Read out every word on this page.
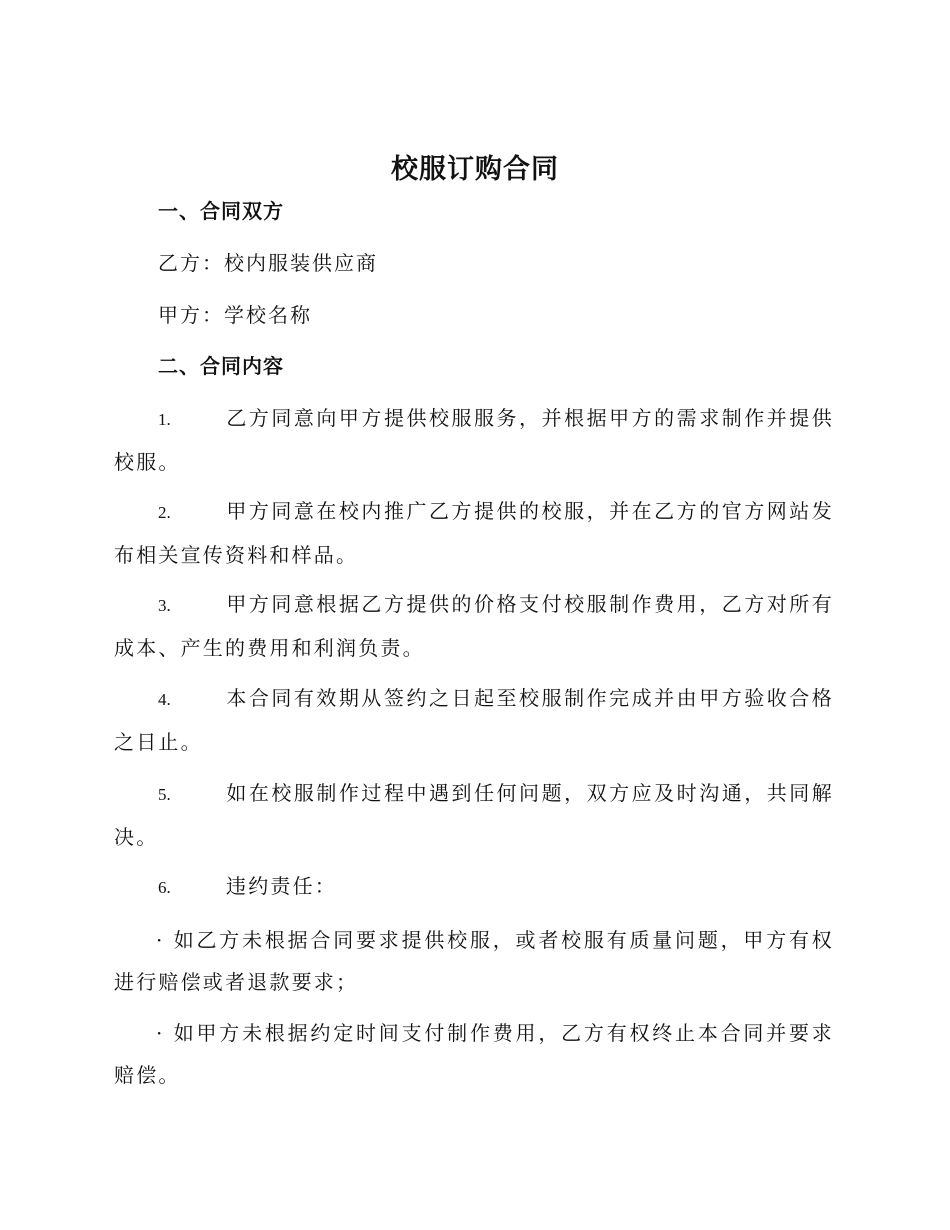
校服订购合同
一、合同双方
乙方：校内服装供应商
甲方：学校名称
二、合同内容
1.	乙方同意向甲方提供校服服务，并根据甲方的需求制作并提供校服。
2.	甲方同意在校内推广乙方提供的校服，并在乙方的官方网站发布相关宣传资料和样品。
3.	甲方同意根据乙方提供的价格支付校服制作费用，乙方对所有成本、产生的费用和利润负责。
4.	本合同有效期从签约之日起至校服制作完成并由甲方验收合格之日止。
5.	如在校服制作过程中遇到任何问题，双方应及时沟通，共同解决。
6.	违约责任：
· 如乙方未根据合同要求提供校服，或者校服有质量问题，甲方有权进行赔偿或者退款要求；
· 如甲方未根据约定时间支付制作费用，乙方有权终止本合同并要求赔偿。
